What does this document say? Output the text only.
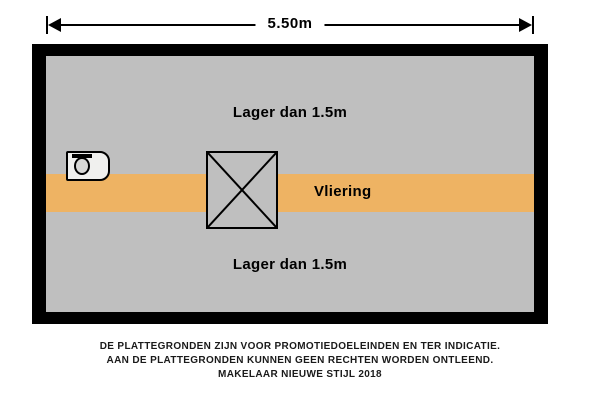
5.50m
Lager dan 1.5m
Lager dan 1.5m
Vliering
DE PLATTEGRONDEN ZIJN VOOR PROMOTIEDOELEINDEN EN TER INDICATIE.
AAN DE PLATTEGRONDEN KUNNEN GEEN RECHTEN WORDEN ONTLEEND.
MAKELAAR NIEUWE STIJL 2018
